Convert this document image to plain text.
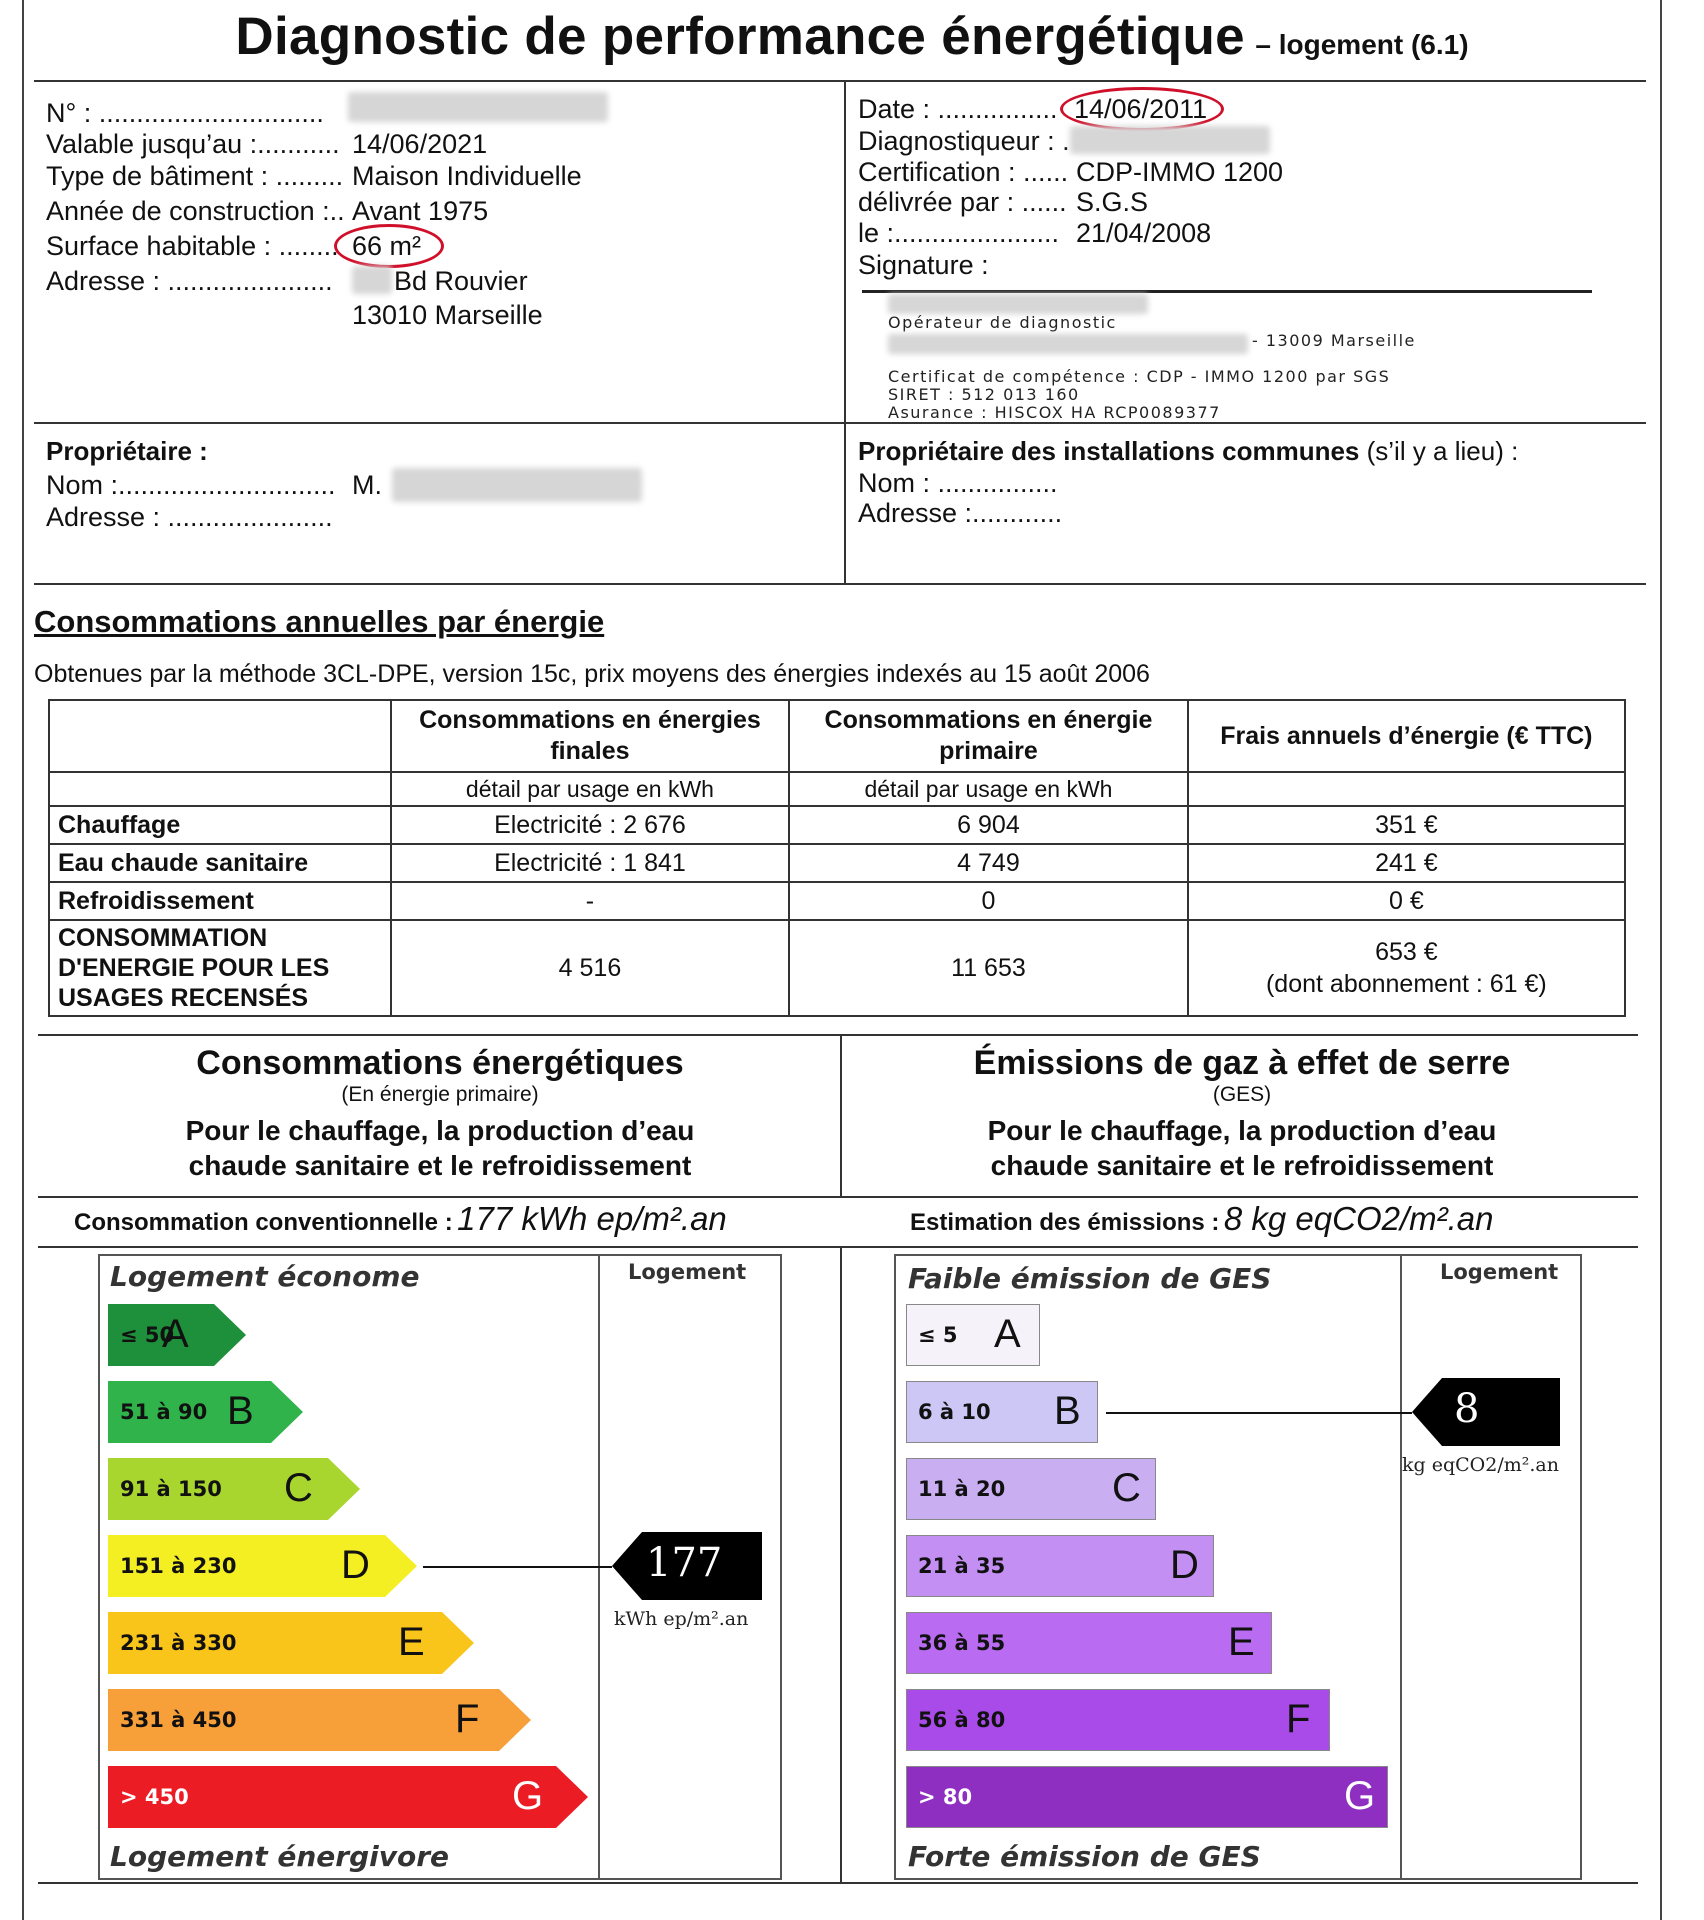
Diagnostic de performance énergétique – logement (6.1)
N° : ..............................
Valable jusqu’au :........... 14/06/2021
Type de bâtiment : ......... Maison Individuelle
Année de construction :.. Avant 1975
Surface habitable : ........ 66 m²
Adresse : ...................... Bd Rouvier
13010 Marseille
Date : ................ 14/06/2011
Diagnostiqueur : .
Certification : ...... CDP-IMMO 1200
délivrée par : ...... S.G.S
le :...................... 21/04/2008
Signature :
Opérateur de diagnostic
- 13009 Marseille
Certificat de compétence : CDP - IMMO 1200 par SGS
SIRET : 512 013 160
Asurance : HISCOX HA RCP0089377
Propriétaire :
Nom :............................. M.
Adresse : ......................
Propriétaire des installations communes (s’il y a lieu) :
Nom : ................
Adresse :............
Consommations annuelles par énergie
Obtenues par la méthode 3CL-DPE, version 15c, prix moyens des énergies indexés au 15 août 2006
	Consommations en énergies finales	Consommations en énergie primaire	Frais annuels d’énergie (€ TTC)
	détail par usage en kWh	détail par usage en kWh	
Chauffage	Electricité : 2 676	6 904	351 €
Eau chaude sanitaire	Electricité : 1 841	4 749	241 €
Refroidissement	-	0	0 €
CONSOMMATION D'ENERGIE POUR LES USAGES RECENSÉS	4 516	11 653	653 €
(dont abonnement : 61 €)
Consommations énergétiques
(En énergie primaire)
Pour le chauffage, la production d’eau chaude sanitaire et le refroidissement
Consommation conventionnelle : 177 kWh ep/m².an
Émissions de gaz à effet de serre
(GES)
Pour le chauffage, la production d’eau chaude sanitaire et le refroidissement
Estimation des émissions : 8 kg eqCO2/m².an
Logement économe
Logement énergivore
Logement
≤ 50
A
51 à 90 B
91 à 150 C
151 à 230	D
231 à 330	E
331 à 450	F
> 450	G
177
kWh ep/m².an
Faible émission de GES
Forte émission de GES
Logement
≤ 5 A
6 à 10 B
11 à 20	C
21 à 35	D
36 à 55	E
56 à 80	F
> 80	G
8
kg eqCO2/m².an
